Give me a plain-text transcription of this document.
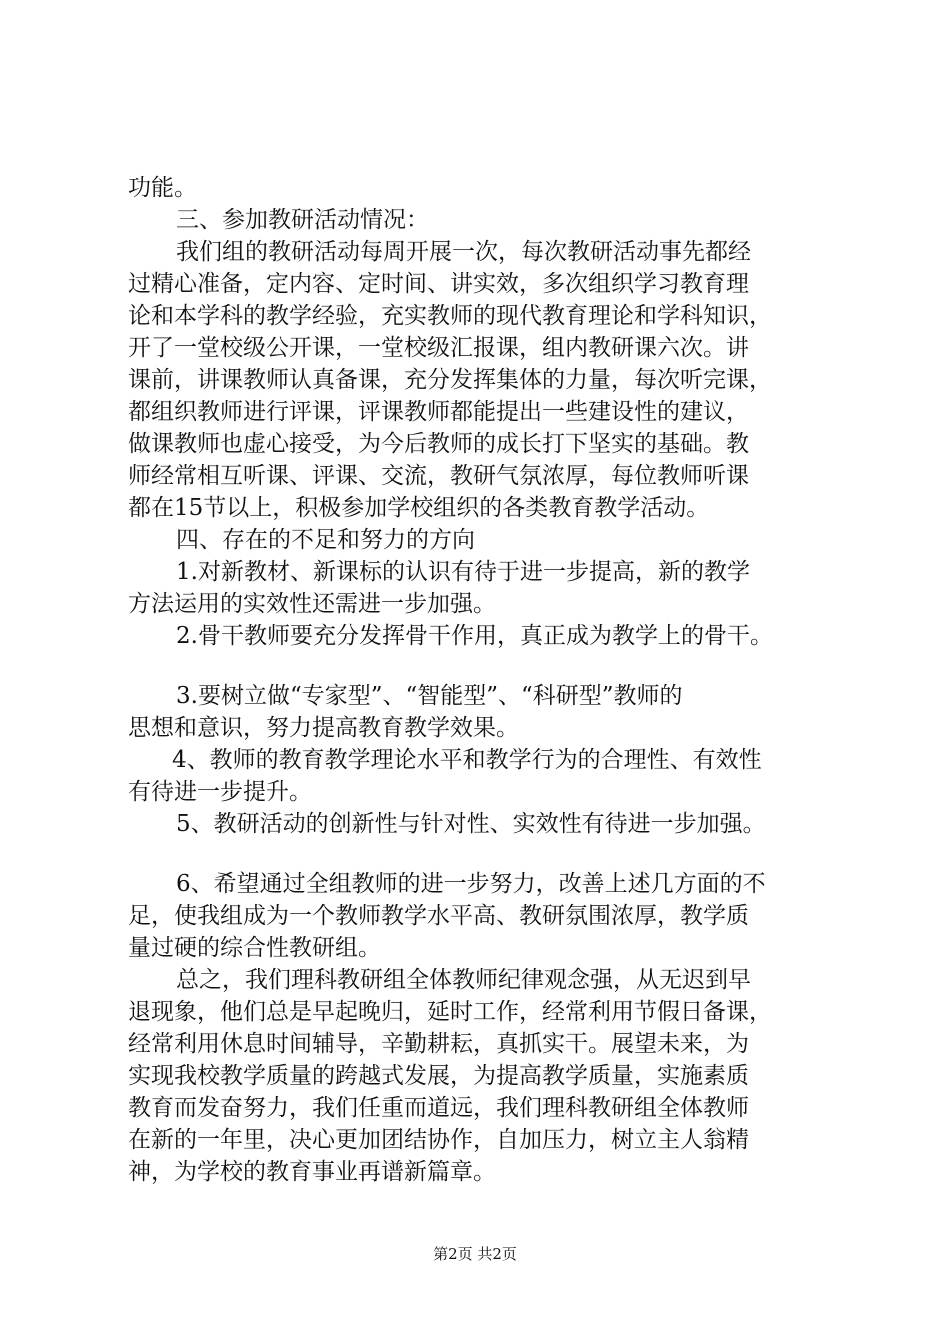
功能。
三、参加教研活动情况：
我们组的教研活动每周开展一次，每次教研活动事先都经
过精心准备，定内容、定时间、讲实效，多次组织学习教育理
论和本学科的教学经验，充实教师的现代教育理论和学科知识，
开了一堂校级公开课，一堂校级汇报课，组内教研课六次。讲
课前，讲课教师认真备课，充分发挥集体的力量，每次听完课，
都组织教师进行评课，评课教师都能提出一些建设性的建议，
做课教师也虚心接受，为今后教师的成长打下坚实的基础。教
师经常相互听课、评课、交流，教研气氛浓厚，每位教师听课
都在15节以上，积极参加学校组织的各类教育教学活动。
四、存在的不足和努力的方向
1.对新教材、新课标的认识有待于进一步提高，新的教学
方法运用的实效性还需进一步加强。
2.骨干教师要充分发挥骨干作用，真正成为教学上的骨干。
3.要树立做“专家型”、“智能型”、“科研型”教师的
思想和意识，努力提高教育教学效果。
4、教师的教育教学理论水平和教学行为的合理性、有效性
有待进一步提升。
5、教研活动的创新性与针对性、实效性有待进一步加强。
6、希望通过全组教师的进一步努力，改善上述几方面的不
足，使我组成为一个教师教学水平高、教研氛围浓厚，教学质
量过硬的综合性教研组。
总之，我们理科教研组全体教师纪律观念强，从无迟到早
退现象，他们总是早起晚归，延时工作，经常利用节假日备课，
经常利用休息时间辅导，辛勤耕耘，真抓实干。展望未来，为
实现我校教学质量的跨越式发展，为提高教学质量，实施素质
教育而发奋努力，我们任重而道远，我们理科教研组全体教师
在新的一年里，决心更加团结协作，自加压力，树立主人翁精
神，为学校的教育事业再谱新篇章。
第2页 共2页
